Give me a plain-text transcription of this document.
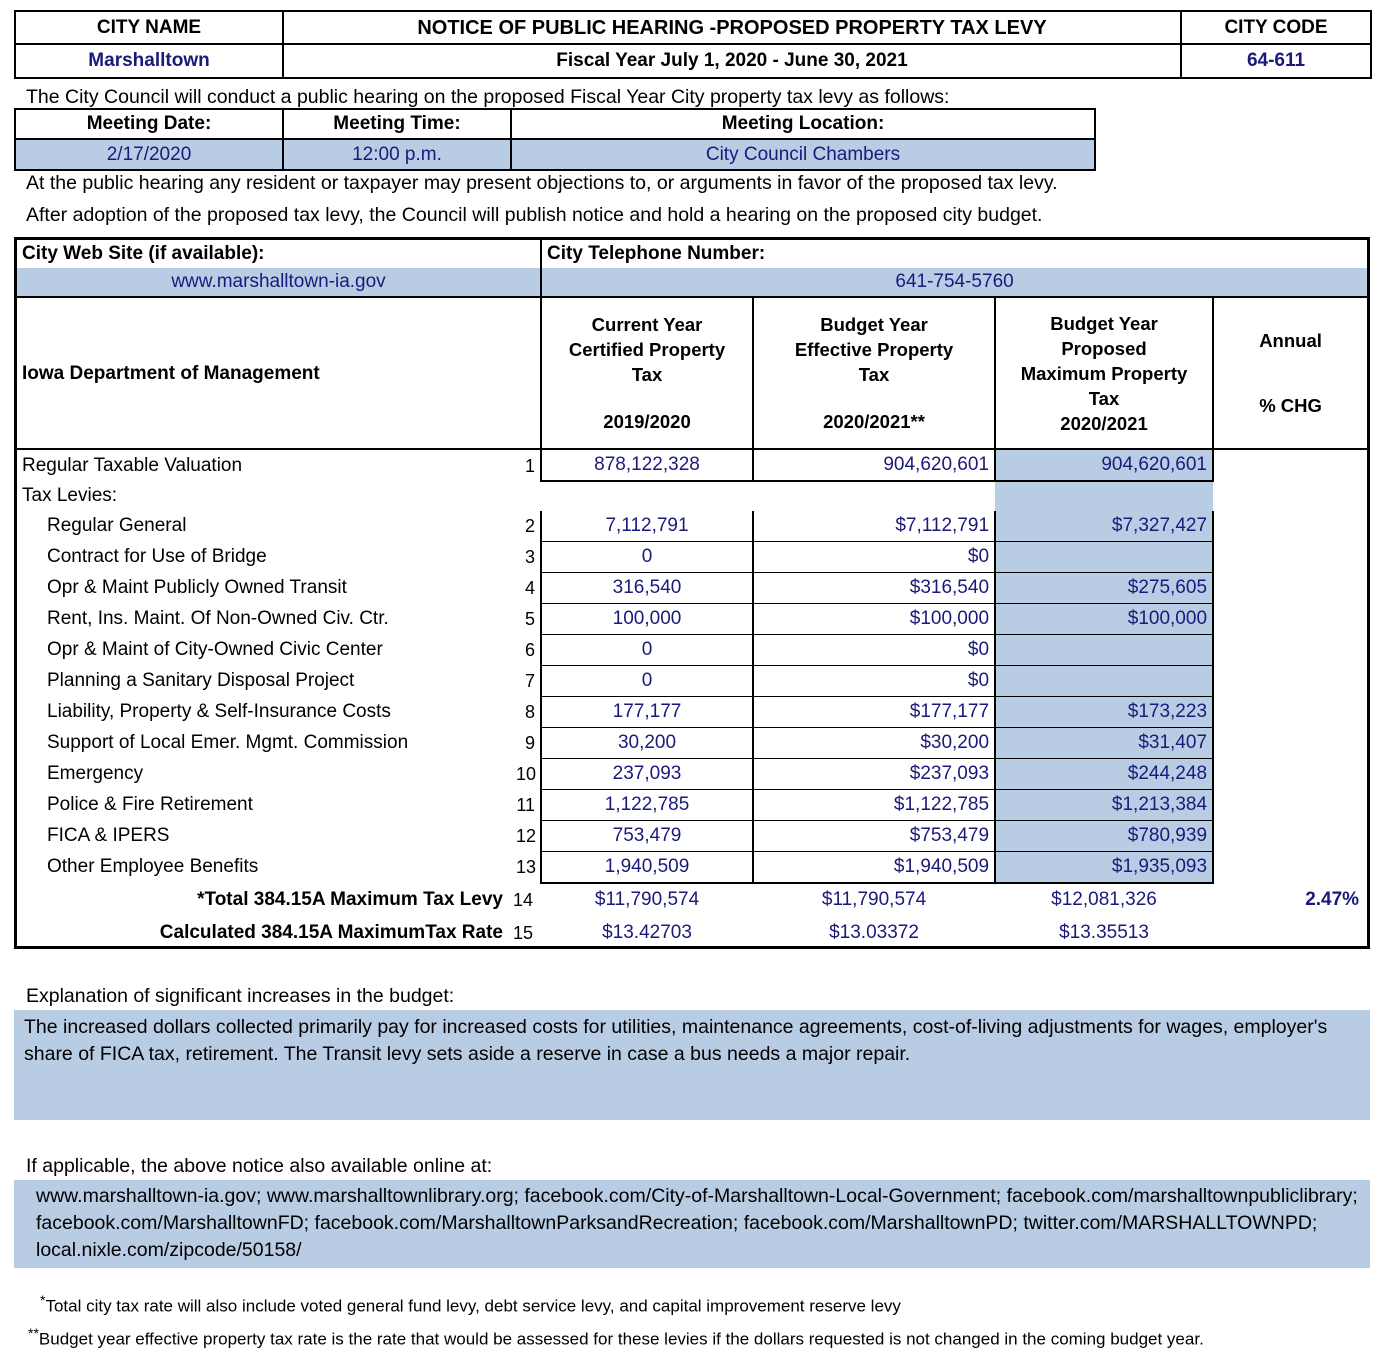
CITY NAME	NOTICE OF PUBLIC HEARING -PROPOSED PROPERTY TAX LEVY	CITY CODE
Marshalltown	Fiscal Year July 1, 2020 - June 30, 2021	64-611
The City Council will conduct a public hearing on the proposed Fiscal Year City property tax levy as follows:
Meeting Date:	Meeting Time:	Meeting Location:
2/17/2020	12:00 p.m.	City Council Chambers
At the public hearing any resident or taxpayer may present objections to, or arguments in favor of the proposed tax levy.
After adoption of the proposed tax levy, the Council will publish notice and hold a hearing on the proposed city budget.
City Web Site (if available):		City Telephone Number:			
www.marshalltown-ia.gov		641-754-5760			
Iowa Department of Management	
Current Year
Certified Property
Tax
2019/2020

Budget Year
Effective Property
Tax
2020/2021**

Budget Year
Proposed
Maximum Property
Tax
2020/2021

Annual
% CHG

Regular Taxable Valuation	1	878,122,328	904,620,601	904,620,601	
Tax Levies:					
Regular General	2	7,112,791	$7,112,791	$7,327,427	
Contract for Use of Bridge	3	0	$0		
Opr & Maint Publicly Owned Transit	4	316,540	$316,540	$275,605	
Rent, Ins. Maint. Of Non-Owned Civ. Ctr.	5	100,000	$100,000	$100,000	
Opr & Maint of City-Owned Civic Center	6	0	$0		
Planning a Sanitary Disposal Project	7	0	$0		
Liability, Property & Self-Insurance Costs	8	177,177	$177,177	$173,223	
Support of Local Emer. Mgmt. Commission	9	30,200	$30,200	$31,407	
Emergency	10	237,093	$237,093	$244,248	
Police & Fire Retirement	11	1,122,785	$1,122,785	$1,213,384	
FICA & IPERS	12	753,479	$753,479	$780,939	
Other Employee Benefits	13	1,940,509	$1,940,509	$1,935,093	
*Total 384.15A Maximum Tax Levy	14	$11,790,574	$11,790,574	$12,081,326	2.47%
Calculated 384.15A MaximumTax Rate	15	$13.42703	$13.03372	$13.35513	
Explanation of significant increases in the budget:
The increased dollars collected primarily pay for increased costs for utilities, maintenance agreements, cost-of-living adjustments for wages, employer's share of FICA tax, retirement. The Transit levy sets aside a reserve in case a bus needs a major repair.
If applicable, the above notice also available online at:
www.marshalltown-ia.gov; www.marshalltownlibrary.org; facebook.com/City-of-Marshalltown-Local-Government; facebook.com/marshalltownpubliclibrary; facebook.com/MarshalltownFD; facebook.com/MarshalltownParksandRecreation; facebook.com/MarshalltownPD; twitter.com/MARSHALLTOWNPD; local.nixle.com/zipcode/50158/
*Total city tax rate will also include voted general fund levy, debt service levy, and capital improvement reserve levy
**Budget year effective property tax rate is the rate that would be assessed for these levies if the dollars requested is not changed in the coming budget year.
